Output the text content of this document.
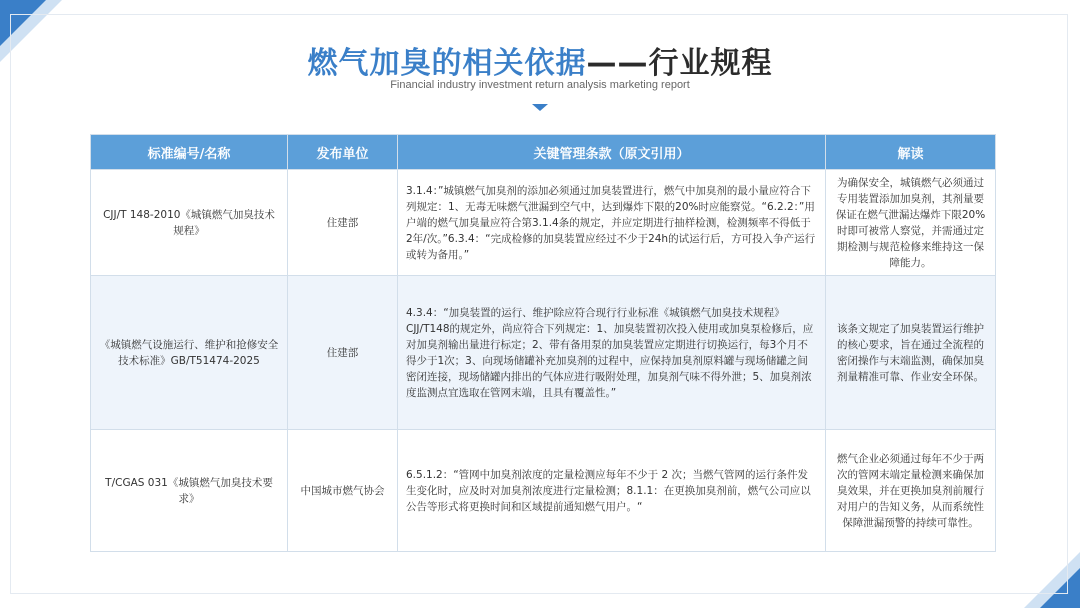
燃气加臭的相关依据——行业规程
Financial industry investment return analysis marketing report
标准编号/名称	发布单位	关键管理条款（原文引用）	解读
CJJ/T 148-2010《城镇燃气加臭技术规程》	住建部	3.1.4：”城镇燃气加臭剂的添加必须通过加臭装置进行，燃气中加臭剂的最小量应符合下列规定：1、无毒无味燃气泄漏到空气中，达到爆炸下限的20%时应能察觉。“6.2.2：”用户端的燃气加臭量应符合第3.1.4条的规定，并应定期进行抽样检测，检测频率不得低于2年/次。”6.3.4：“完成检修的加臭装置应经过不少于24h的试运行后，方可投入争产运行或转为备用。”	为确保安全，城镇燃气必须通过专用装置添加加臭剂，其剂量要保证在燃气泄漏达爆炸下限20%时即可被常人察觉，并需通过定期检测与规范检修来维持这一保障能力。
《城镇燃气设施运行、维护和抢修安全技术标准》GB/T51474-2025	住建部	4.3.4：“加臭装置的运行、维护除应符合现行行业标准《城镇燃气加臭技术规程》CJJ/T148的规定外，尚应符合下列规定：1、加臭装置初次投入使用或加臭泵检修后，应对加臭剂输出量进行标定；2、带有备用泵的加臭装置应定期进行切换运行，每3个月不得少于1次；3、向现场储罐补充加臭剂的过程中，应保持加臭剂原料罐与现场储罐之间密闭连接，现场储罐内排出的气体应进行吸附处理，加臭剂气味不得外泄；5、加臭剂浓度监测点宜选取在管网末端，且具有覆盖性。”	该条文规定了加臭装置运行维护的核心要求，旨在通过全流程的密闭操作与末端监测，确保加臭剂量精准可靠、作业安全环保。
T/CGAS 031《城镇燃气加臭技术要求》	中国城市燃气协会	6.5.1.2：“管网中加臭剂浓度的定量检测应每年不少于 2 次；当燃气管网的运行条件发生变化时，应及时对加臭剂浓度进行定量检测；8.1.1：在更换加臭剂前，燃气公司应以公告等形式将更换时间和区域提前通知燃气用户。“	燃气企业必须通过每年不少于两次的管网末端定量检测来确保加臭效果，并在更换加臭剂前履行对用户的告知义务，从而系统性保障泄漏预警的持续可靠性。
